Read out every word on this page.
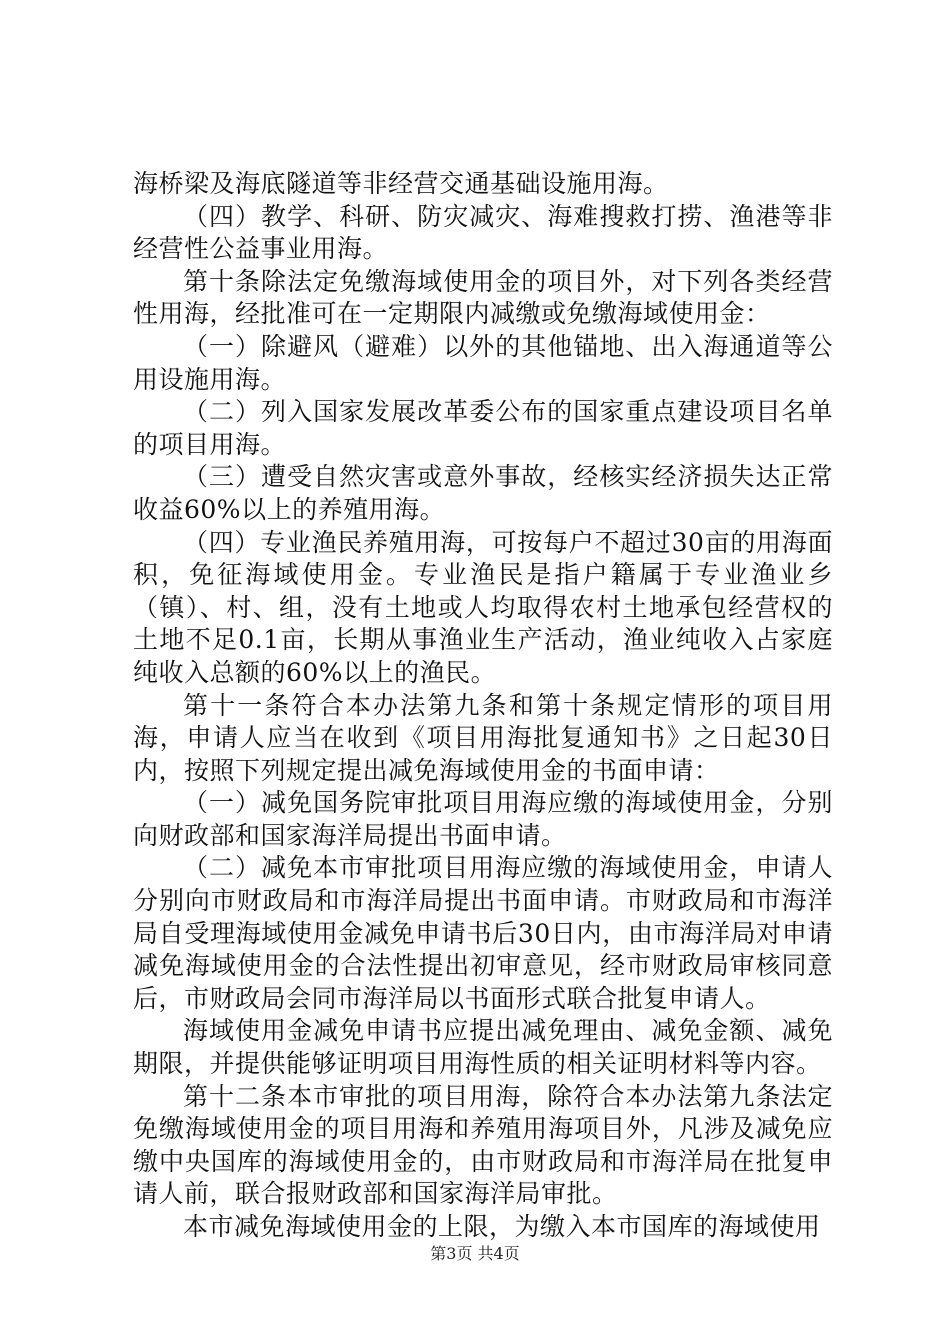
海桥梁及海底隧道等非经营交通基础设施用海。

（四）教学、科研、防灾减灾、海难搜救打捞、渔港等非经营性公益事业用海。

第十条除法定免缴海域使用金的项目外，对下列各类经营性用海，经批准可在一定期限内减缴或免缴海域使用金：

（一）除避风（避难）以外的其他锚地、出入海通道等公用设施用海。

（二）列入国家发展改革委公布的国家重点建设项目名单的项目用海。

（三）遭受自然灾害或意外事故，经核实经济损失达正常收益60%以上的养殖用海。

（四）专业渔民养殖用海，可按每户不超过30亩的用海面积，免征海域使用金。专业渔民是指户籍属于专业渔业乡（镇）、村、组，没有土地或人均取得农村土地承包经营权的土地不足0.1亩，长期从事渔业生产活动，渔业纯收入占家庭纯收入总额的60%以上的渔民。

第十一条符合本办法第九条和第十条规定情形的项目用海，申请人应当在收到《项目用海批复通知书》之日起30日内，按照下列规定提出减免海域使用金的书面申请：

（一）减免国务院审批项目用海应缴的海域使用金，分别向财政部和国家海洋局提出书面申请。

（二）减免本市审批项目用海应缴的海域使用金，申请人分别向市财政局和市海洋局提出书面申请。市财政局和市海洋局自受理海域使用金减免申请书后30日内，由市海洋局对申请减免海域使用金的合法性提出初审意见，经市财政局审核同意后，市财政局会同市海洋局以书面形式联合批复申请人。

海域使用金减免申请书应提出减免理由、减免金额、减免期限，并提供能够证明项目用海性质的相关证明材料等内容。

第十二条本市审批的项目用海，除符合本办法第九条法定免缴海域使用金的项目用海和养殖用海项目外，凡涉及减免应缴中央国库的海域使用金的，由市财政局和市海洋局在批复申请人前，联合报财政部和国家海洋局审批。

本市减免海域使用金的上限，为缴入本市国库的海域使用

第3页 共4页
